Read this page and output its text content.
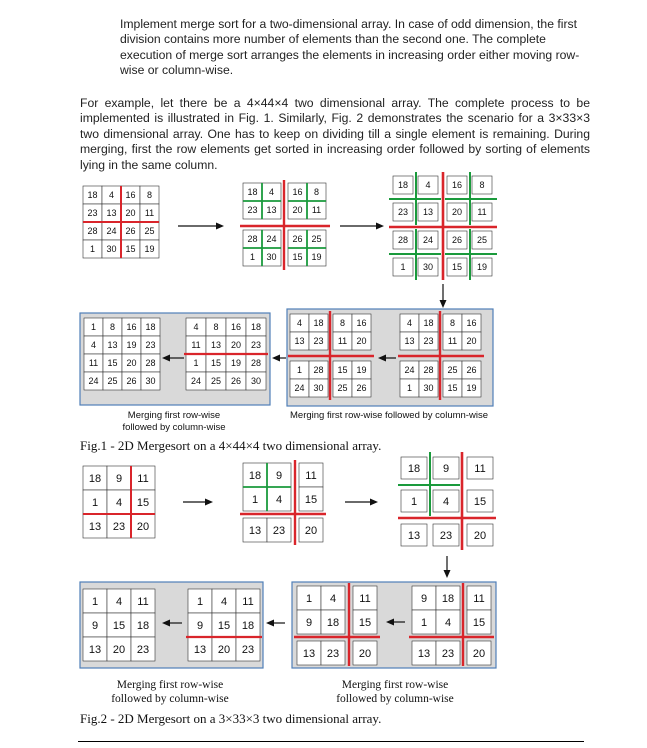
Implement merge sort for a two-dimensional array. In case of odd dimension, the first division contains more number of elements than the second one. The complete execution of merge sort arranges the elements in increasing order either moving row-wise or column-wise.
For example, let there be a 4×44×4 two dimensional array. The complete process to be implemented is illustrated in Fig. 1. Similarly, Fig. 2 demonstrates the scenario for a 3×33×3 two dimensional array. One has to keep on dividing till a single element is remaining. During merging, first the row elements get sorted in increasing order followed by sorting of elements lying in the same column.
18 4 16 8
23 13 20 11
28 24 26 25
1 30 15 19
18 4
23 13
16 8
20 11
28 24
1 30
26 25
15 19
18 4 16 8
23 13 20 11
28 24 26 25
1 30 15 19
4 18
13 23
8 16
11 20
1 28
24 30
15 19
25 26
4 18
13 23
8 16
11 20
24 28
1 30
25 26
15 19
4 8 16 18
11 13 20 23
1 15 19 28
24 25 26 30
1 8 16 18
4 13 19 23
11 15 20 28
24 25 26 30
18 9 11
1 4 15
13 23 20
18 9
1 4
11
15
13 23 20
18 9 11
1 4 15
13 23 20
1 4
9 18
11
15
13 23 20
9 18
1 4
11
15
13 23 20
1 4 11
9 15 18
13 20 23
1 4 11
9 15 18
13 20 23
Merging first row-wise followed by column-wise
Merging first row-wise followed by column-wise
Fig.1 - 2D Mergesort on a 4×44×4 two dimensional array.
Merging first row-wise followed by column-wise
Merging first row-wise followed by column-wise
Fig.2 - 2D Mergesort on a 3×33×3 two dimensional array.
